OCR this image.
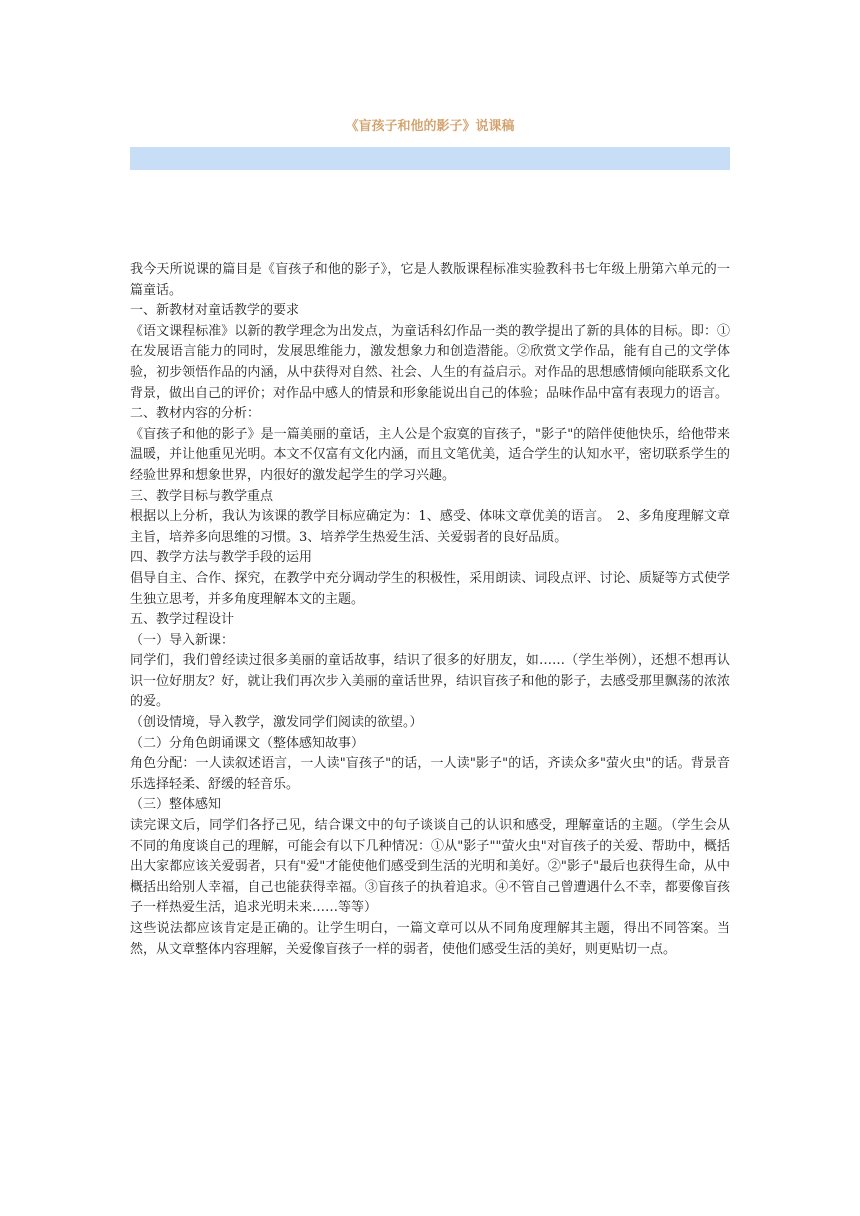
《盲孩子和他的影子》说课稿

我今天所说课的篇目是《盲孩子和他的影子》，它是人教版课程标准实验教科书七年级上册第六单元的一篇童话。

一、新教材对童话教学的要求

《语文课程标准》以新的教学理念为出发点，为童话科幻作品一类的教学提出了新的具体的目标。即：①　在发展语言能力的同时，发展思维能力，激发想象力和创造潜能。②欣赏文学作品，能有自己的文学体验，初步领悟作品的内涵，从中获得对自然、社会、人生的有益启示。对作品的思想感情倾向能联系文化背景，做出自己的评价；对作品中感人的情景和形象能说出自己的体验；品味作品中富有表现力的语言。

二、教材内容的分析：

《盲孩子和他的影子》是一篇美丽的童话，主人公是个寂寞的盲孩子，"影子"的陪伴使他快乐，给他带来温暖，并让他重见光明。本文不仅富有文化内涵，而且文笔优美，适合学生的认知水平，密切联系学生的经验世界和想象世界，内很好的激发起学生的学习兴趣。

三、教学目标与教学重点

根据以上分析，我认为该课的教学目标应确定为：1、感受、体味文章优美的语言。　2、多角度理解文章主旨，培养多向思维的习惯。3、培养学生热爱生活、关爱弱者的良好品质。

四、教学方法与教学手段的运用

倡导自主、合作、探究，在教学中充分调动学生的积极性，采用朗读、词段点评、讨论、质疑等方式使学生独立思考，并多角度理解本文的主题。

五、教学过程设计

（一）导入新课：

同学们，我们曾经读过很多美丽的童话故事，结识了很多的好朋友，如……（学生举例），还想不想再认识一位好朋友？好，就让我们再次步入美丽的童话世界，结识盲孩子和他的影子，去感受那里飘荡的浓浓的爱。

（创设情境，导入教学，激发同学们阅读的欲望。）

（二）分角色朗诵课文（整体感知故事）

角色分配：一人读叙述语言，一人读"盲孩子"的话，一人读"影子"的话，齐读众多"萤火虫"的话。背景音乐选择轻柔、舒缓的轻音乐。

（三）整体感知

读完课文后，同学们各抒己见，结合课文中的句子谈谈自己的认识和感受，理解童话的主题。（学生会从不同的角度谈自己的理解，可能会有以下几种情况：①从"影子""萤火虫"对盲孩子的关爱、帮助中，概括出大家都应该关爱弱者，只有"爱"才能使他们感受到生活的光明和美好。②"影子"最后也获得生命，从中概括出给别人幸福，自己也能获得幸福。③盲孩子的执着追求。④不管自己曾遭遇什么不幸，都要像盲孩子一样热爱生活，追求光明未来……等等）

这些说法都应该肯定是正确的。让学生明白，一篇文章可以从不同角度理解其主题，得出不同答案。当然，从文章整体内容理解，关爱像盲孩子一样的弱者，使他们感受生活的美好，则更贴切一点。
